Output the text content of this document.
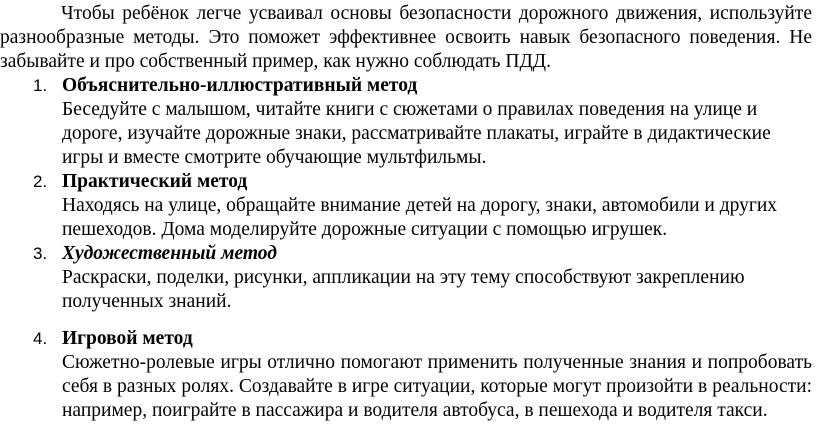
Чтобы ребёнок легче усваивал основы безопасности дорожного движения, используйте разнообразные методы. Это поможет эффективнее освоить навык безопасного поведения. Не забывайте и про собственный пример, как нужно соблюдать ПДД.

1. Объяснительно-иллюстративный метод

Беседуйте с малышом, читайте книги с сюжетами о правилах поведения на улице и дороге, изучайте дорожные знаки, рассматривайте плакаты, играйте в дидактические игры и вместе смотрите обучающие мультфильмы.

2. Практический метод

Находясь на улице, обращайте внимание детей на дорогу, знаки, автомобили и других пешеходов. Дома моделируйте дорожные ситуации с помощью игрушек.

3. Художественный метод

Раскраски, поделки, рисунки, аппликации на эту тему способствуют закреплению полученных знаний.

4. Игровой метод

Сюжетно-ролевые игры отлично помогают применить полученные знания и попробовать себя в разных ролях. Создавайте в игре ситуации, которые могут произойти в реальности: например, поиграйте в пассажира и водителя автобуса, в пешехода и водителя такси.
